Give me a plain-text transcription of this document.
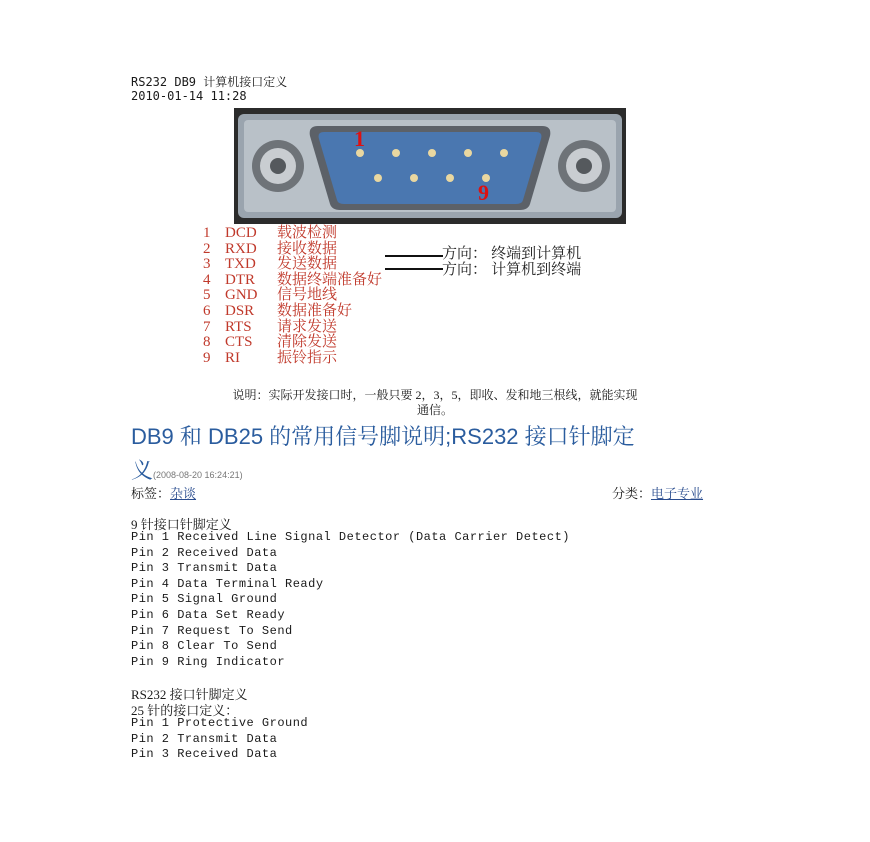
RS232 DB9 计算机接口定义
2010-01-14 11:28
1
9
1 DCD 载波检测
2 RXD 接收数据
3 TXD 发送数据
4 DTR 数据终端准备好
5 GND 信号地线
6 DSR 数据准备好
7 RTS 请求发送
8 CTS 清除发送
9 RI 振铃指示
方向： 终端到计算机
方向： 计算机到终端
说明：实际开发接口时，一般只要 2，3，5，即收、发和地三根线，就能实现
通信。
DB9 和 DB25 的常用信号脚说明;RS232 接口针脚定
义(2008-08-20 16:24:21)
标签：杂谈	分类：电子专业
9 针接口针脚定义
Pin 1 Received Line Signal Detector (Data Carrier Detect)
Pin 2 Received Data
Pin 3 Transmit Data
Pin 4 Data Terminal Ready
Pin 5 Signal Ground
Pin 6 Data Set Ready
Pin 7 Request To Send
Pin 8 Clear To Send
Pin 9 Ring Indicator
RS232 接口针脚定义
25 针的接口定义：
Pin 1 Protective Ground
Pin 2 Transmit Data
Pin 3 Received Data
